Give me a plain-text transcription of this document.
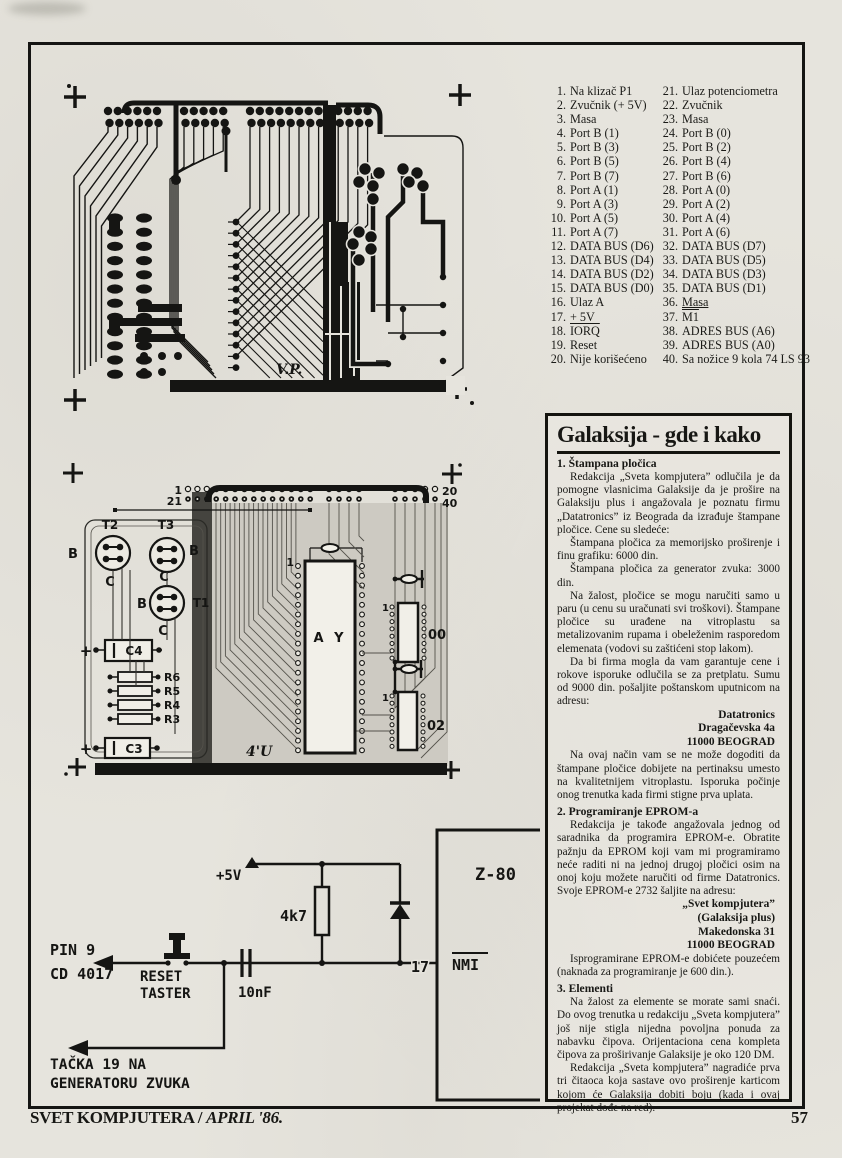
V.P.
1. Na klizač P1
2. Zvučnik (+ 5V)
3. Masa
4. Port B (1)
5. Port B (3)
6. Port B (5)
7. Port B (7)
8. Port A (1)
9. Port A (3)
10. Port A (5)
11. Port A (7)
12. DATA BUS (D6)
13. DATA BUS (D4)
14. DATA BUS (D2)
15. DATA BUS (D0)
16. Ulaz A
17. + 5V
18. IORQ
19. Reset
20. Nije korišećeno
21. Ulaz potenciometra
22. Zvučnik
23. Masa
24. Port B (0)
25. Port B (2)
26. Port B (4)
27. Port B (6)
28. Port A (0)
29. Port A (2)
30. Port A (4)
31. Port A (6)
32. DATA BUS (D7)
33. DATA BUS (D5)
34. DATA BUS (D3)
35. DATA BUS (D1)
36. Masa
37. M1
38. ADRES BUS (A6)
39. ADRES BUS (A0)
40. Sa nožice 9 kola 74 LS 93
1
21
20
40
T2	T3
T1
B	B
B
C	C
C
+
+
C4
C3
R6
R5
R4
R3
A Y
1
1
00
1
02
4'U
Z-80
NMI
PIN 9
CD 4017 RESET
TASTER	10nF
+5V
4k7
17
TAČKA 19 NA
GENERATORU ZVUKA
Galaksija - gde i kako
1. Štampana pločica

Redakcija „Sveta kompjutera” odlučila je da pomogne vlasnicima Galaksije da je prošire na Galaksiju plus i angažovala je poznatu firmu „Datatronics” iz Beograda da izrađuje štampane pločice. Cene su sledeće:

Štampana pločica za memorijsko proširenje i finu grafiku: 6000 din.

Štampana pločica za generator zvuka: 3000 din.

Na žalost, pločice se mogu naručiti samo u paru (u cenu su uračunati svi troškovi). Štampane pločice su urađene na vitroplastu sa metalizovanim rupama i obeleženim rasporedom elemenata (vodovi su zaštićeni stop lakom).

Da bi firma mogla da vam garantuje cene i rokove isporuke odlučila se za pretplatu. Sumu od 9000 din. pošaljite poštanskom uputnicom na adresu:

Datatronics
Dragačevska 4a
11000 BEOGRAD

Na ovaj način vam se ne može dogoditi da štampane pločice dobijete na pertinaksu umesto na kvalitetnijem vitroplastu. Isporuka počinje onog trenutka kada firmi stigne prva uplata.

2. Programiranje EPROM-a

Redakcija je takođe angažovala jednog od saradnika da programira EPROM-e. Obratite pažnju da EPROM koji vam mi programiramo neće raditi ni na jednoj drugoj pločici osim na onoj koju možete naručiti od firme Datatronics. Svoje EPROM-e 2732 šaljite na adresu:

„Svet kompjutera”
(Galaksija plus)
Makedonska 31
11000 BEOGRAD

Isprogramirane EPROM-e dobićete pouzećem (naknada za programiranje je 600 din.).

3. Elementi

Na žalost za elemente se morate sami snaći. Do ovog trenutka u redakciju „Sveta kompjutera” još nije stigla nijedna povoljna ponuda za nabavku čipova. Orijentaciona cena kompleta čipova za proširivanje Galaksije je oko 120 DM.

Redakcija „Sveta kompjutera” nagradiće prva tri čitaoca koja sastave ovo proširenje karticom kojom će Galaksija dobiti boju (kada i ovaj projekat dođe na red).

SVET KOMPJUTERA / APRIL '86.	57
